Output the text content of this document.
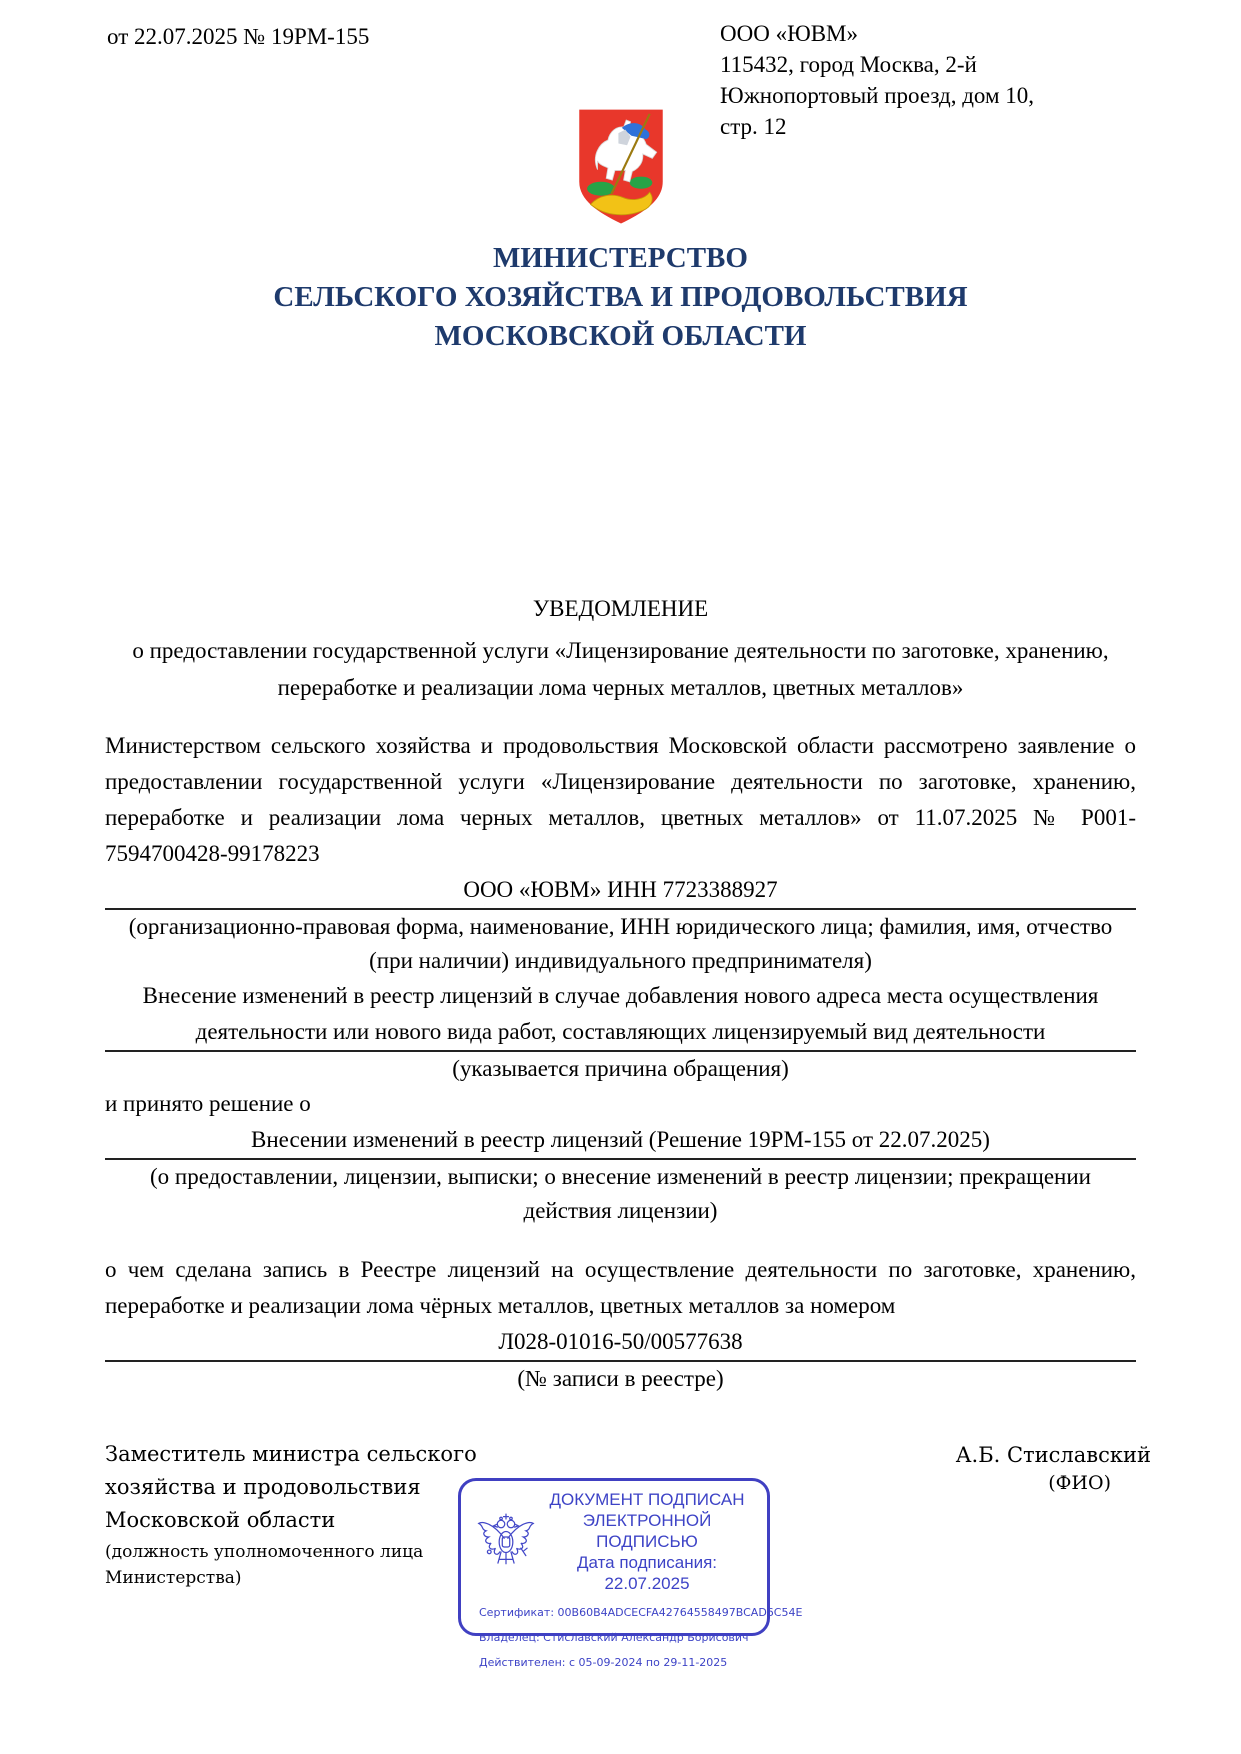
МИНИСТЕРСТВО
СЕЛЬСКОГО ХОЗЯЙСТВА И ПРОДОВОЛЬСТВИЯ
МОСКОВСКОЙ ОБЛАСТИ
от 22.07.2025 № 19РМ-155	ООО «ЮВМ»
115432, город Москва, 2-й
Южнопортовый проезд, дом 10,
стр. 12
УВЕДОМЛЕНИЕ
о предоставлении государственной услуги «Лицензирование деятельности по заготовке, хранению, переработке и реализации лома черных металлов, цветных металлов»
Министерством сельского хозяйства и продовольствия Московской области рассмотрено заявление о предоставлении государственной услуги «Лицензирование деятельности по заготовке, хранению, переработке и реализации лома черных металлов, цветных металлов» от 11.07.2025 № Р001-7594700428-99178223
ООО «ЮВМ» ИНН 7723388927
(организационно-правовая форма, наименование, ИНН юридического лица; фамилия, имя, отчество (при наличии) индивидуального предпринимателя)
Внесение изменений в реестр лицензий в случае добавления нового адреса места осуществления деятельности или нового вида работ, составляющих лицензируемый вид деятельности
(указывается причина обращения)
и принято решение о
Внесении изменений в реестр лицензий (Решение 19РМ-155 от 22.07.2025)
(о предоставлении, лицензии, выписки; о внесение изменений в реестр лицензии; прекращении действия лицензии)
о чем сделана запись в Реестре лицензий на осуществление деятельности по заготовке, хранению, переработке и реализации лома чёрных металлов, цветных металлов за номером
Л028-01016-50/00577638
(№ записи в реестре)
Заместитель министра сельского
хозяйства и продовольствия
Московской области
(должность уполномоченного лица
Министерства)
А.Б. Стиславский
(ФИО)
ДОКУМЕНТ ПОДПИСАН
ЭЛЕКТРОННОЙ ПОДПИСЬЮ
Дата подписания: 22.07.2025
Сертификат: 00B60B4ADCECFA42764558497BCAD6C54E
Владелец: Стиславский Александр Борисович
Действителен: с 05-09-2024 по 29-11-2025
